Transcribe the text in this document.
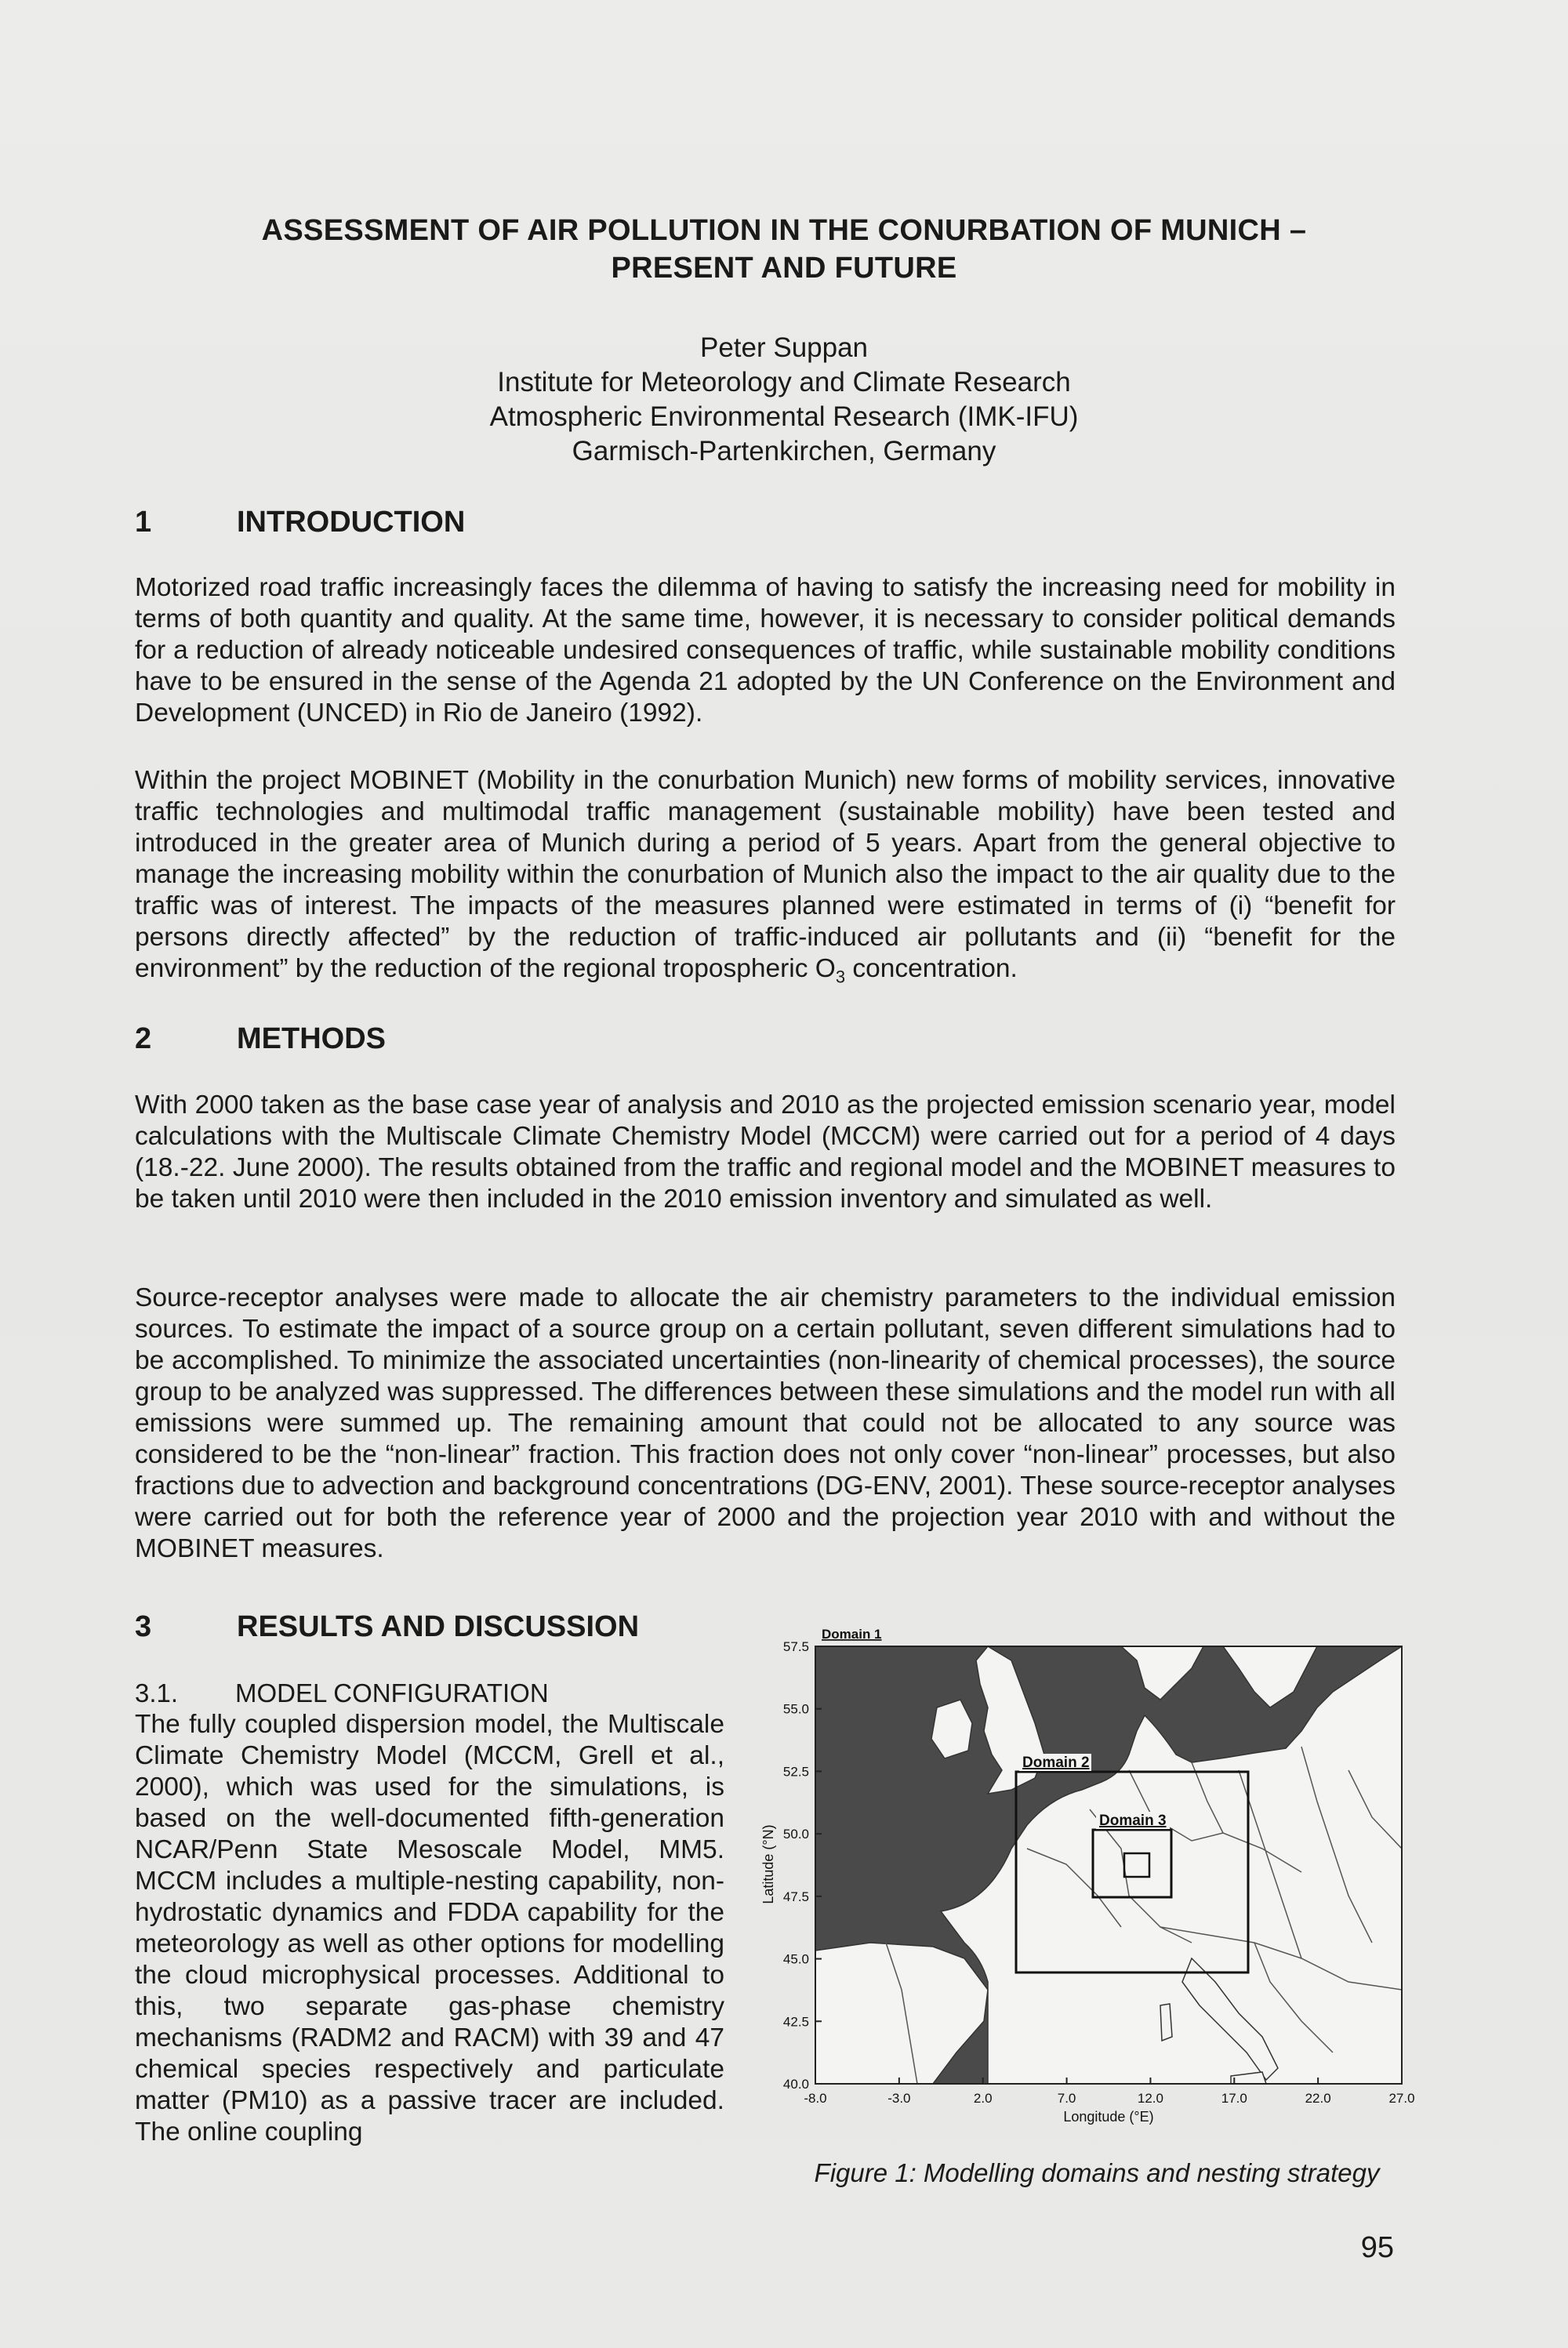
ASSESSMENT OF AIR POLLUTION IN THE CONURBATION OF MUNICH –
PRESENT AND FUTURE
Peter Suppan
Institute for Meteorology and Climate Research
Atmospheric Environmental Research (IMK-IFU)
Garmisch-Partenkirchen, Germany
1	INTRODUCTION
Motorized road traffic increasingly faces the dilemma of having to satisfy the increasing need for mobility in terms of both quantity and quality. At the same time, however, it is necessary to consider political demands for a reduction of already noticeable undesired consequences of traffic, while sustainable mobility conditions have to be ensured in the sense of the Agenda 21 adopted by the UN Conference on the Environment and Development (UNCED) in Rio de Janeiro (1992).
Within the project MOBINET (Mobility in the conurbation Munich) new forms of mobility services, innovative traffic technologies and multimodal traffic management (sustainable mobility) have been tested and introduced in the greater area of Munich during a period of 5 years. Apart from the general objective to manage the increasing mobility within the conurbation of Munich also the impact to the air quality due to the traffic was of interest. The impacts of the measures planned were estimated in terms of (i) “benefit for persons directly affected” by the reduction of traffic-induced air pollutants and (ii) “benefit for the environment” by the reduction of the regional tropospheric $O_3$ concentration.
2	METHODS
With 2000 taken as the base case year of analysis and 2010 as the projected emission scenario year, model calculations with the Multiscale Climate Chemistry Model (MCCM) were carried out for a period of 4 days (18.-22. June 2000). The results obtained from the traffic and regional model and the MOBINET measures to be taken until 2010 were then included in the 2010 emission inventory and simulated as well.
Source-receptor analyses were made to allocate the air chemistry parameters to the individual emission sources. To estimate the impact of a source group on a certain pollutant, seven different simulations had to be accomplished. To minimize the associated uncertainties (non-linearity of chemical processes), the source group to be analyzed was suppressed. The differences between these simulations and the model run with all emissions were summed up. The remaining amount that could not be allocated to any source was considered to be the “non-linear” fraction. This fraction does not only cover “non-linear” processes, but also fractions due to advection and background concentrations (DG-ENV, 2001). These source-receptor analyses were carried out for both the reference year of 2000 and the projection year 2010 with and without the MOBINET measures.
3	RESULTS AND DISCUSSION
3.1. MODEL CONFIGURATION
The fully coupled dispersion model, the Multiscale Climate Chemistry Model (MCCM, Grell et al., 2000), which was used for the simulations, is based on the well-documented fifth-generation NCAR/Penn State Mesoscale Model, MM5. MCCM includes a multiple-nesting capability, non-hydrostatic dynamics and FDDA capability for the meteorology as well as other options for modelling the cloud microphysical processes. Additional to this, two separate gas-phase chemistry mechanisms (RADM2 and RACM) with 39 and 47 chemical species respectively and particulate matter (PM10) as a passive tracer are included. The online coupling
Domain 1
Domain 2
Domain 3
57.5
55.0
52.5
50.0
47.5
45.0
42.5
40.0
-8.0	-3.0	2.0	7.0	12.0	17.0	22.0	27.0
Latitude (°N)
Longitude (°E)
Figure 1: Modelling domains and nesting strategy
95
